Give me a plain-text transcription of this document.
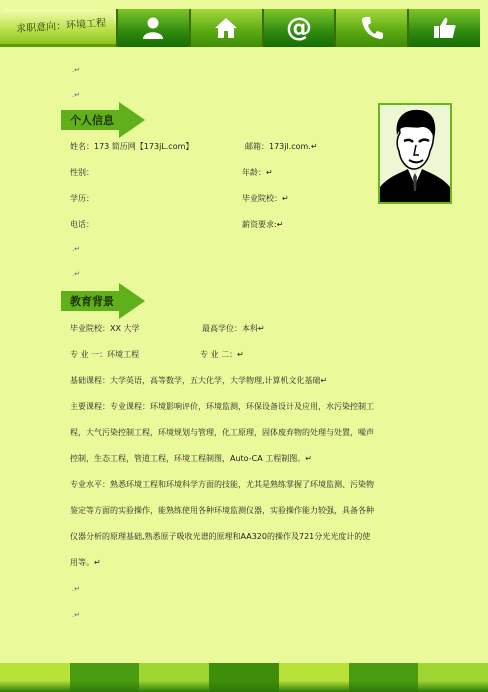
求职意向：环境工程	@
.↵
.↵
个人信息
姓名：173 简历网【173jL.com】	邮箱：173jl.com.↵
性别：	年龄：↵
学历：	毕业院校：↵
电话：	薪资要求:↵
.↵
.↵
教育背景
毕业院校：XX 大学	最高学位：本科↵
专 业 一：环境工程	专 业 二：↵
基础课程：大学英语，高等数学，五大化学，大学物理,计算机文化基础↵
主要课程：专业课程：环境影响评价，环境监测，环保设备设计及应用，水污染控制工
程，大气污染控制工程，环境规划与管理，化工原理，固体废弃物的处理与处置，噪声
控制，生态工程，管道工程，环境工程制图，Auto-CA 工程制图。↵
专业水平：熟悉环境工程和环境科学方面的技能，尤其是熟练掌握了环境监测、污染物
鉴定等方面的实验操作，能熟练使用各种环境监测仪器，实验操作能力较强，具备各种
仪器分析的原理基础,熟悉原子吸收光谱的原理和AA320的操作及721分光光度计的使
用等。↵
.↵
.↵
